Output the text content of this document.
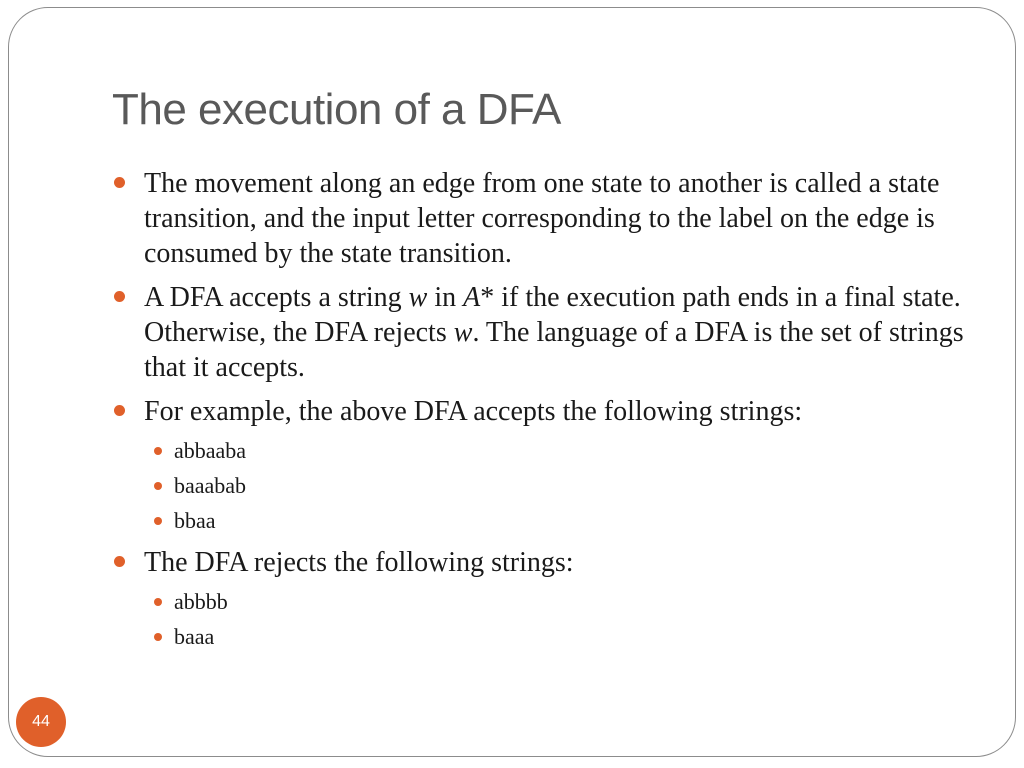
The execution of a DFA
The movement along an edge from one state to another is called a state transition, and the input letter corresponding to the label on the edge is consumed by the state transition.
A DFA accepts a string w in A* if the execution path ends in a final state. Otherwise, the DFA rejects w. The language of a DFA is the set of strings that it accepts.
For example, the above DFA accepts the following strings:
abbaaba
baaabab
bbaa
The DFA rejects the following strings:
abbbb
baaa
44
